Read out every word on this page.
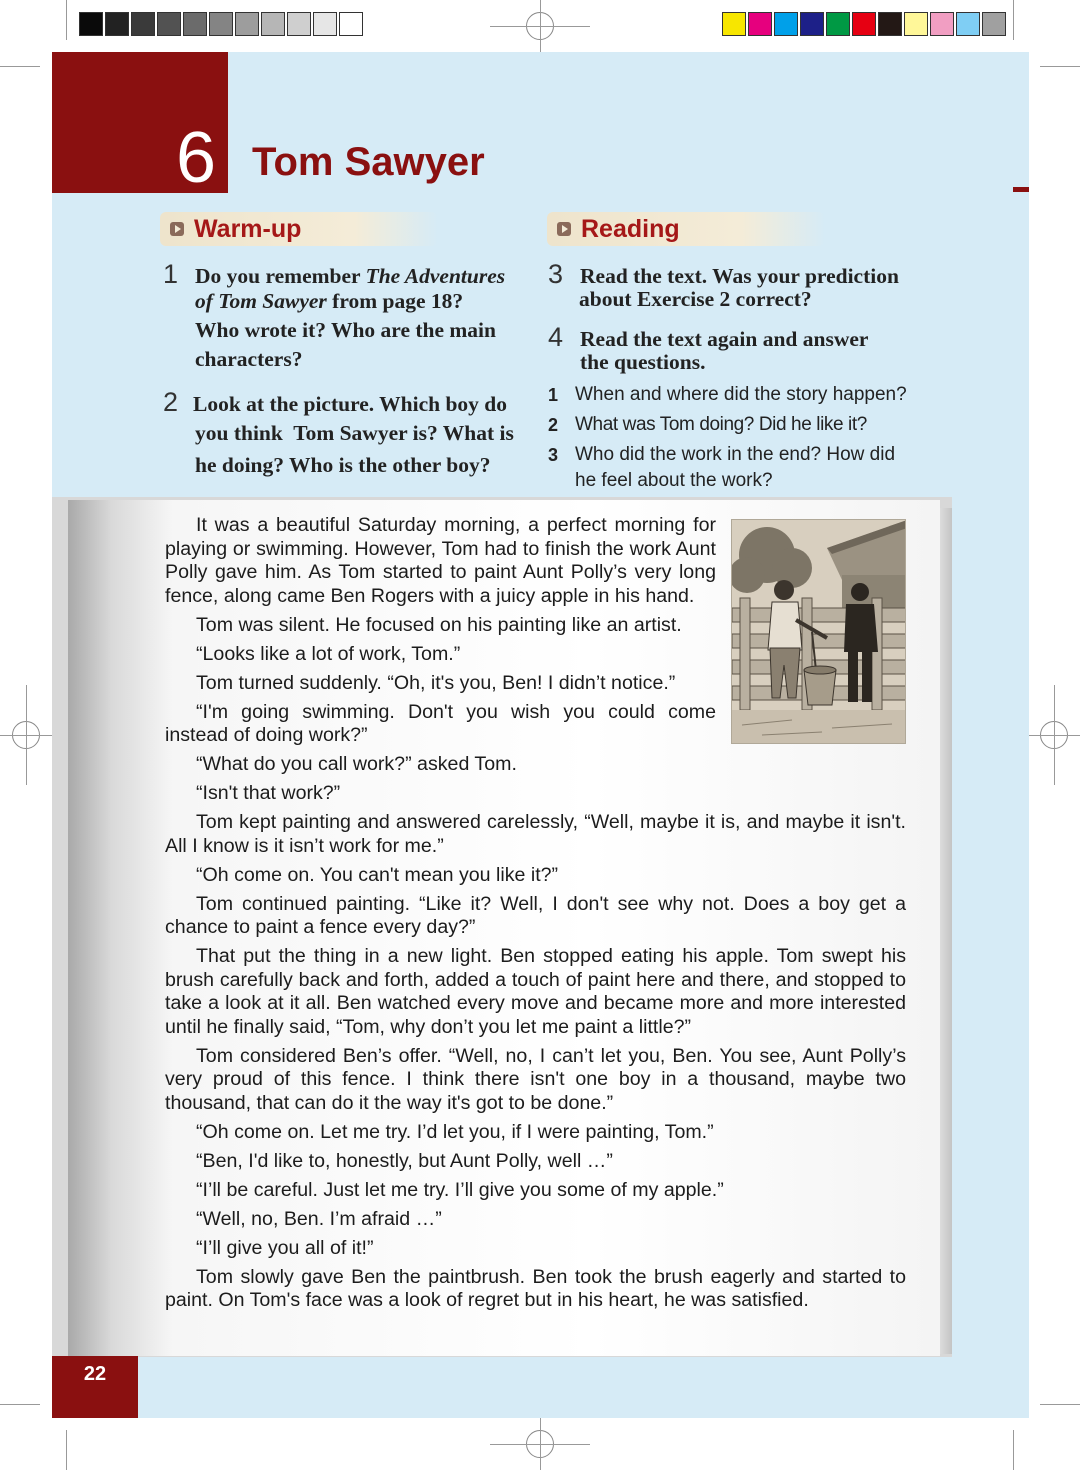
6 Tom Sawyer
Warm-up
1 Do you remember The Adventures
of Tom Sawyer from page 18?
Who wrote it? Who are the main
characters?
2 Look at the picture. Which boy do
you think  Tom Sawyer is? What is
he doing? Who is the other boy?
Reading
3 Read the text. Was your prediction
about Exercise 2 correct?
4 Read the text again and answer
the questions.
1 When and where did the story happen?
2 What was Tom doing? Did he like it?
3 Who did the work in the end? How did
he feel about the work?

It was a beautiful Saturday morning, a perfect morning for playing or swimming. However, Tom had to finish the work Aunt Polly gave him. As Tom started to paint Aunt Polly’s very long fence, along came Ben Rogers with a juicy apple in his hand.

Tom was silent. He focused on his painting like an artist.

“Looks like a lot of work, Tom.”

Tom turned suddenly. “Oh, it's you, Ben! I didn’t notice.”

“I'm going swimming. Don't you wish you could come instead of doing work?”

“What do you call work?” asked Tom.

“Isn't that work?”

Tom kept painting and answered carelessly, “Well, maybe it is, and maybe it isn't. All I know is it isn’t work for me.”

“Oh come on. You can't mean you like it?”

Tom continued painting. “Like it? Well, I don't see why not. Does a boy get a chance to paint a fence every day?”

That put the thing in a new light. Ben stopped eating his apple. Tom swept his brush carefully back and forth, added a touch of paint here and there, and stopped to take a look at it all. Ben watched every move and became more and more interested until he finally said, “Tom, why don’t you let me paint a little?”

Tom considered Ben’s offer. “Well, no, I can’t let you, Ben. You see, Aunt Polly’s very proud of this fence. I think there isn't one boy in a thousand, maybe two thousand, that can do it the way it's got to be done.”

“Oh come on. Let me try. I’d let you, if I were painting, Tom.”

“Ben, I'd like to, honestly, but Aunt Polly, well …”

“I’ll be careful. Just let me try. I’ll give you some of my apple.”

“Well, no, Ben. I’m afraid …”

“I’ll give you all of it!”

Tom slowly gave Ben the paintbrush. Ben took the brush eagerly and started to paint. On Tom's face was a look of regret but in his heart, he was satisfied.

22
